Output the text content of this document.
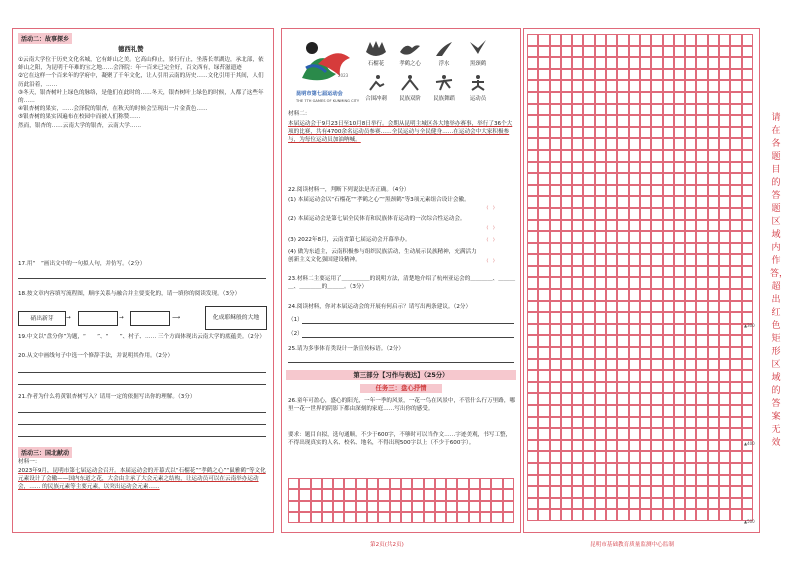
活动二：故事探乡
德西礼赞
①云南大学位于历史文化名城，它有蚌山之美。它高山仰止，景行行止，坐落长翠湖边，承北部，依蚌山之阳，为昆明千年难的宝之地……会泽院：年一百来已完全好，百文西有，绿苔滋遗迹
②它在这样一个百来年的学府中，凝聚了千年文化，让人引用云南的历史……文化引用于其间，人们历此沿着，……
③冬天，银杏树叶上绿色的脉络，是他们在此时的……冬天，银杏树叶上绿色的时候，人都了这些年的……
④银杏树的果实，……会泽院的银杏，在秋天的时候会呈现出一片金黄色……
⑤银杏树的果实因遍布在校园中而被人们称赞……
然而，银杏的……云南大学的银杏，云南大学……
17.用“　”画出文中的一句拟人句，并仿写。（2分）
18.按文章内容填写流程图，顺序关系与融合并主要变化的，请一填你的阅读发现。（3分）
硝出新芽	化成耶稣般的大地
→	→	⟶
19.中文以“盘分你”为题，“　　”、“　　”、村子、…… 三个方面体现出云南大学的底蕴美。（2分）
20.从文中画线句子中选一个修辞手法，并说明其作用。（2分）
21.作者为什么将黄银杏树写入？请用一定的依据写出你的理解。（3分）
活动三：国北献动
材料一：
2023年9月，昆明市第七届运动会召开。本届运动会的开幕式以“石榴花”“孝鹤之心”“鼠雅鹤”等文化元素设计了会徽——国内东道之花，大会由主承了大会元素之结构，让运动员可以在云南举办运动会，…… 的民族元素等主要元素，以突出运动会元素……
2023
昆明市第七届运动会
THE 7TH GAMES OF KUNMING CITY
石榴花	孝鹤之心	浮水	黑颈鹤
合围冲刺	民族双阶	民族舞蹈	运动员
材料二：
本届运动会于9月23日至10月8日举行。会期从昆明主城区各大地举办赛事，举行了36个大项的比赛，共有4700余名运动员参赛……全民运动与全民健身……在运动会中大家积极参与，为每位运动员加油呐喊。
22.阅读材料一，判断下列说法是否正确。（4分）
(1) 本届运动会以“石榴花”“孝鹤之心”“黑颈鹤”等3项元素组合设计会徽。
（　）
(2) 本届运动会是第七届全民体育和民族体育运动的一次综合性运动会。
（　）
(3) 2022年8月，云南省第七届运动会开幕举办。	（　）
(4) 做为东道主，云南积极参与组织民族活动，生动展示民族精神，充满活力创新主义文化强国建设精神。	（　）
23.材料二主要运用了＿＿＿＿＿的说明方法，清楚地介绍了杭州亚运会的＿＿＿＿、＿＿＿＿、＿＿＿＿的＿＿＿。（3分）
24.阅读材料，你对本届运动会的开展有何启示？请写出两条建议。（2分）
（1）
（2）
25.请为多事体育类设计一条宣传标语。（2分）
第三部分【习作与表达】（25分）
任务三：盘心抒情
26.童年可盈心，盛心的阳光，一年一季的风景，一花一鸟在风景中，不管什么行万里路，哪里一花一世界的阴影下都由深刻的家庭……写出你的感受。
要求：题目自拟，选句通顺，不少于600字，不够时可以当作文……字迹美观，书写工整，不得出现真实的人名、校名、地名，不得出现500字以上（不少于600字）。
第2页(共2页)
▲300
▲400
▲500
请在各题目的答题区域内作答，超出红色矩形区域的答案无效
昆明市基础教育质量监测中心监制
